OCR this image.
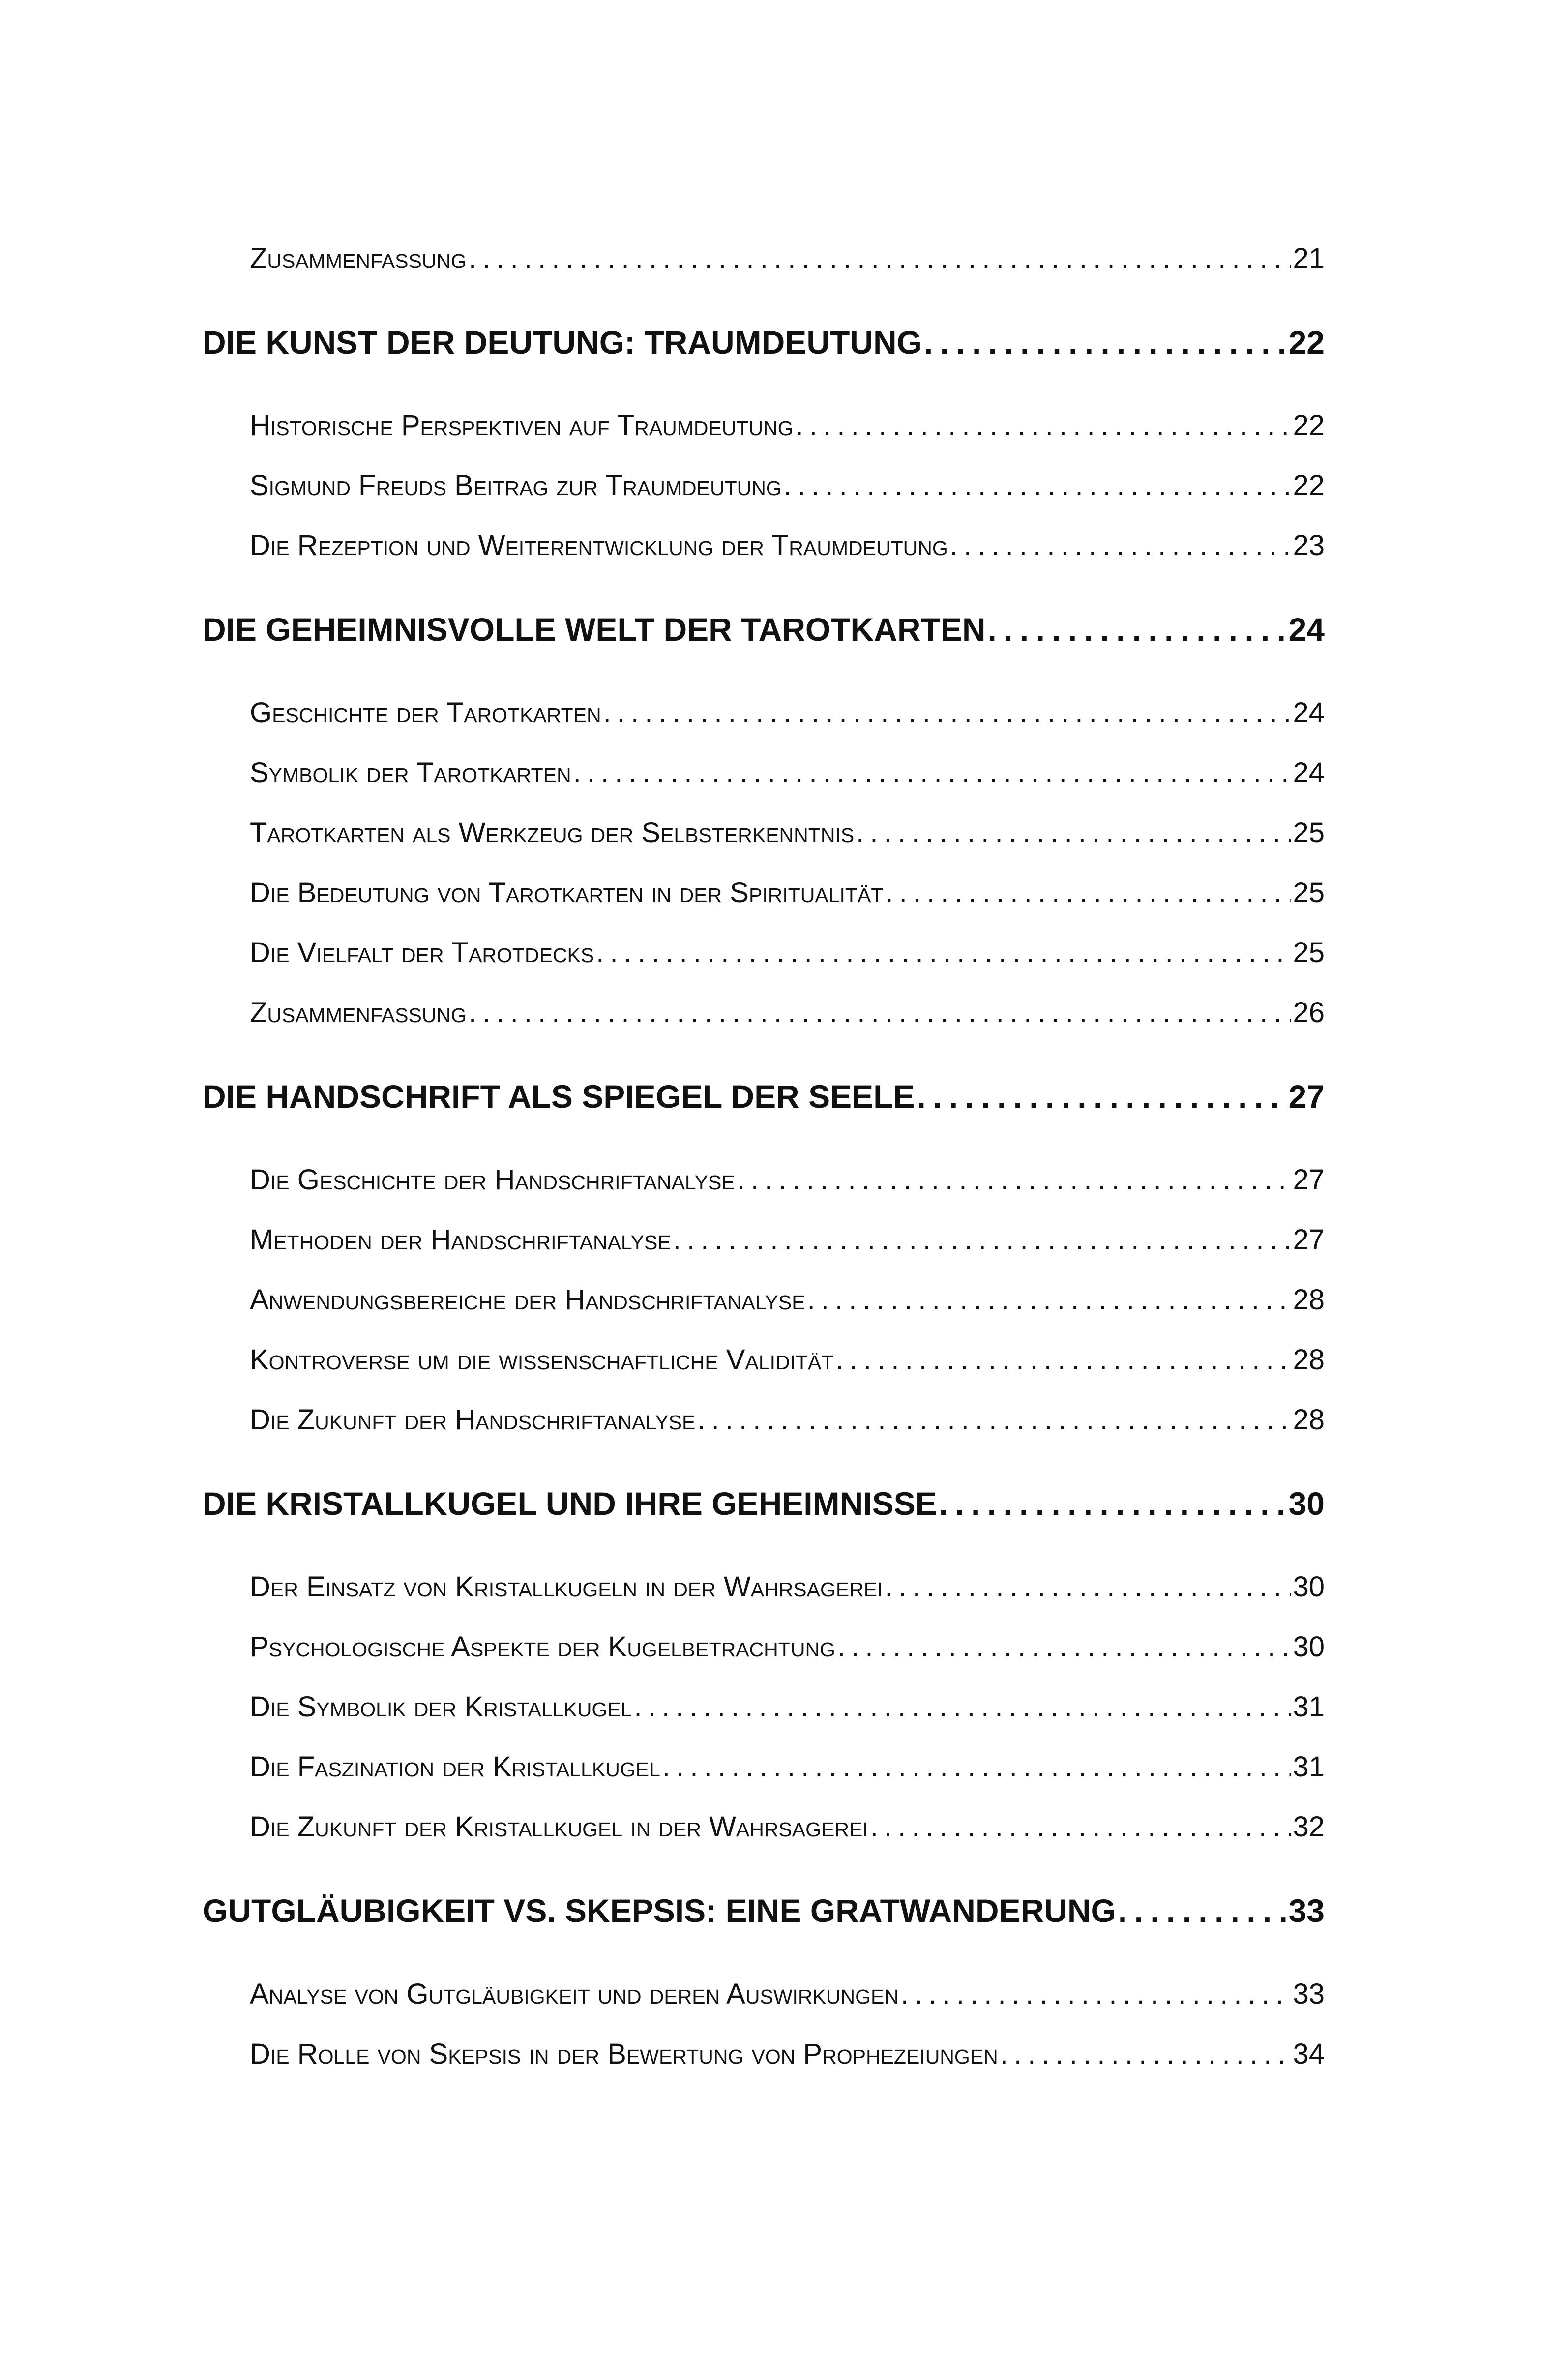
Zusammenfassung . . .	21
DIE KUNST DER DEUTUNG: TRAUMDEUTUNG . . .	22
Historische Perspektiven auf Traumdeutung . . .	22
Sigmund Freuds Beitrag zur Traumdeutung . . .	22
Die Rezeption und Weiterentwicklung der Traumdeutung . . .	23
DIE GEHEIMNISVOLLE WELT DER TAROTKARTEN . . .	24
Geschichte der Tarotkarten . . .	24
Symbolik der Tarotkarten . . .	24
Tarotkarten als Werkzeug der Selbsterkenntnis . . .	25
Die Bedeutung von Tarotkarten in der Spiritualität . . .	25
Die Vielfalt der Tarotdecks . . .	25
Zusammenfassung . . .	26
DIE HANDSCHRIFT ALS SPIEGEL DER SEELE . . .	27
Die Geschichte der Handschriftanalyse . . .	27
Methoden der Handschriftanalyse . . .	27
Anwendungsbereiche der Handschriftanalyse . . .	28
Kontroverse um die wissenschaftliche Validität . . .	28
Die Zukunft der Handschriftanalyse . . .	28
DIE KRISTALLKUGEL UND IHRE GEHEIMNISSE . . .	30
Der Einsatz von Kristallkugeln in der Wahrsagerei . . .	30
Psychologische Aspekte der Kugelbetrachtung . . .	30
Die Symbolik der Kristallkugel . . .	31
Die Faszination der Kristallkugel . . .	31
Die Zukunft der Kristallkugel in der Wahrsagerei . . .	32
GUTGLÄUBIGKEIT VS. SKEPSIS: EINE GRATWANDERUNG . . .	33
Analyse von Gutgläubigkeit und deren Auswirkungen . . .	33
Die Rolle von Skepsis in der Bewertung von Prophezeiungen . . .	34
